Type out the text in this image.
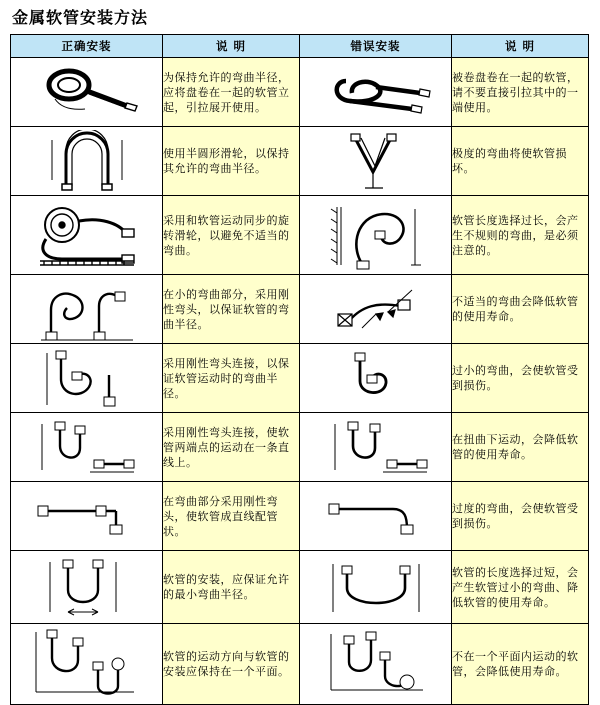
金属软管安装方法
正确安装	说 明	错误安装	说 明

	为保持允许的弯曲半径，应将盘卷在一起的软管立起，引拉展开使用。		被卷盘卷在一起的软管，请不要直接引拉其中的一端使用。

	使用半圆形滑轮，以保持其允许的弯曲半径。		极度的弯曲将使软管损坏。

	采用和软管运动同步的旋转滑轮，以避免不适当的弯曲。		软管长度选择过长，会产生不规则的弯曲，是必须注意的。

	在小的弯曲部分，采用刚性弯头，以保证软管的弯曲半径。		不适当的弯曲会降低软管的使用寿命。

	采用刚性弯头连接，以保证软管运动时的弯曲半径。		过小的弯曲，会使软管受到损伤。

	采用刚性弯头连接，使软管两端点的运动在一条直线上。		在扭曲下运动，会降低软管的使用寿命。

	在弯曲部分采用刚性弯头，使软管成直线配管状。		过度的弯曲，会使软管受到损伤。

	软管的安装，应保证允许的最小弯曲半径。		软管的长度选择过短，会产生软管过小的弯曲、降低软管的使用寿命。

	软管的运动方向与软管的安装应保持在一个平面。		不在一个平面内运动的软管，会降低使用寿命。
